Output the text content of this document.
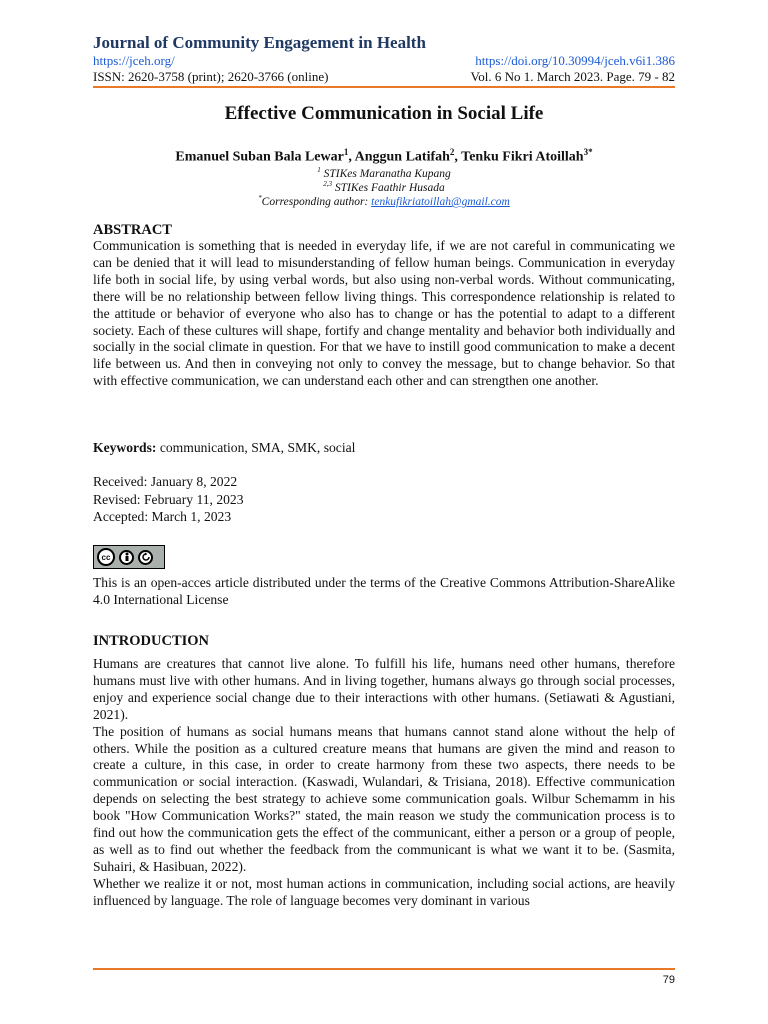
Journal of Community Engagement in Health
https://jceh.org/	https://doi.org/10.30994/jceh.v6i1.386
ISSN: 2620-3758 (print); 2620-3766 (online)	Vol. 6 No 1. March 2023. Page. 79 - 82
Effective Communication in Social Life
Emanuel Suban Bala Lewar$^1$, Anggun Latifah$^2$, Tenku Fikri Atoillah$^{3*}$
$^1$ STIKes Maranatha Kupang
$^{2,3}$ STIKes Faathir Husada
*Corresponding author: tenkufikriatoillah@gmail.com
ABSTRACT
Communication is something that is needed in everyday life, if we are not careful in communicating we can be denied that it will lead to misunderstanding of fellow human beings. Communication in everyday life both in social life, by using verbal words, but also using non-verbal words. Without communicating, there will be no relationship between fellow living things. This correspondence relationship is related to the attitude or behavior of everyone who also has to change or has the potential to adapt to a different society. Each of these cultures will shape, fortify and change mentality and behavior both individually and socially in the social climate in question. For that we have to instill good communication to make a decent life between us. And then in conveying not only to convey the message, but to change behavior. So that with effective communication, we can understand each other and can strengthen one another.
Keywords: communication, SMA, SMK, social
Received: January 8, 2022
Revised: February 11, 2023
Accepted: March 1, 2023
cc
This is an open-acces article distributed under the terms of the Creative Commons Attribution-ShareAlike 4.0 International License
INTRODUCTION

Humans are creatures that cannot live alone. To fulfill his life, humans need other humans, therefore humans must live with other humans. And in living together, humans always go through social processes, enjoy and experience social change due to their interactions with other humans. (Setiawati & Agustiani, 2021).

The position of humans as social humans means that humans cannot stand alone without the help of others. While the position as a cultured creature means that humans are given the mind and reason to create a culture, in this case, in order to create harmony from these two aspects, there needs to be communication or social interaction. (Kaswadi, Wulandari, & Trisiana, 2018). Effective communication depends on selecting the best strategy to achieve some communication goals. Wilbur Schemamm in his book "How Communication Works?" stated, the main reason we study the communication process is to find out how the communication gets the effect of the communicant, either a person or a group of people, as well as to find out whether the feedback from the communicant is what we want it to be. (Sasmita, Suhairi, & Hasibuan, 2022).

Whether we realize it or not, most human actions in communication, including social actions, are heavily influenced by language. The role of language becomes very dominant in various

79
